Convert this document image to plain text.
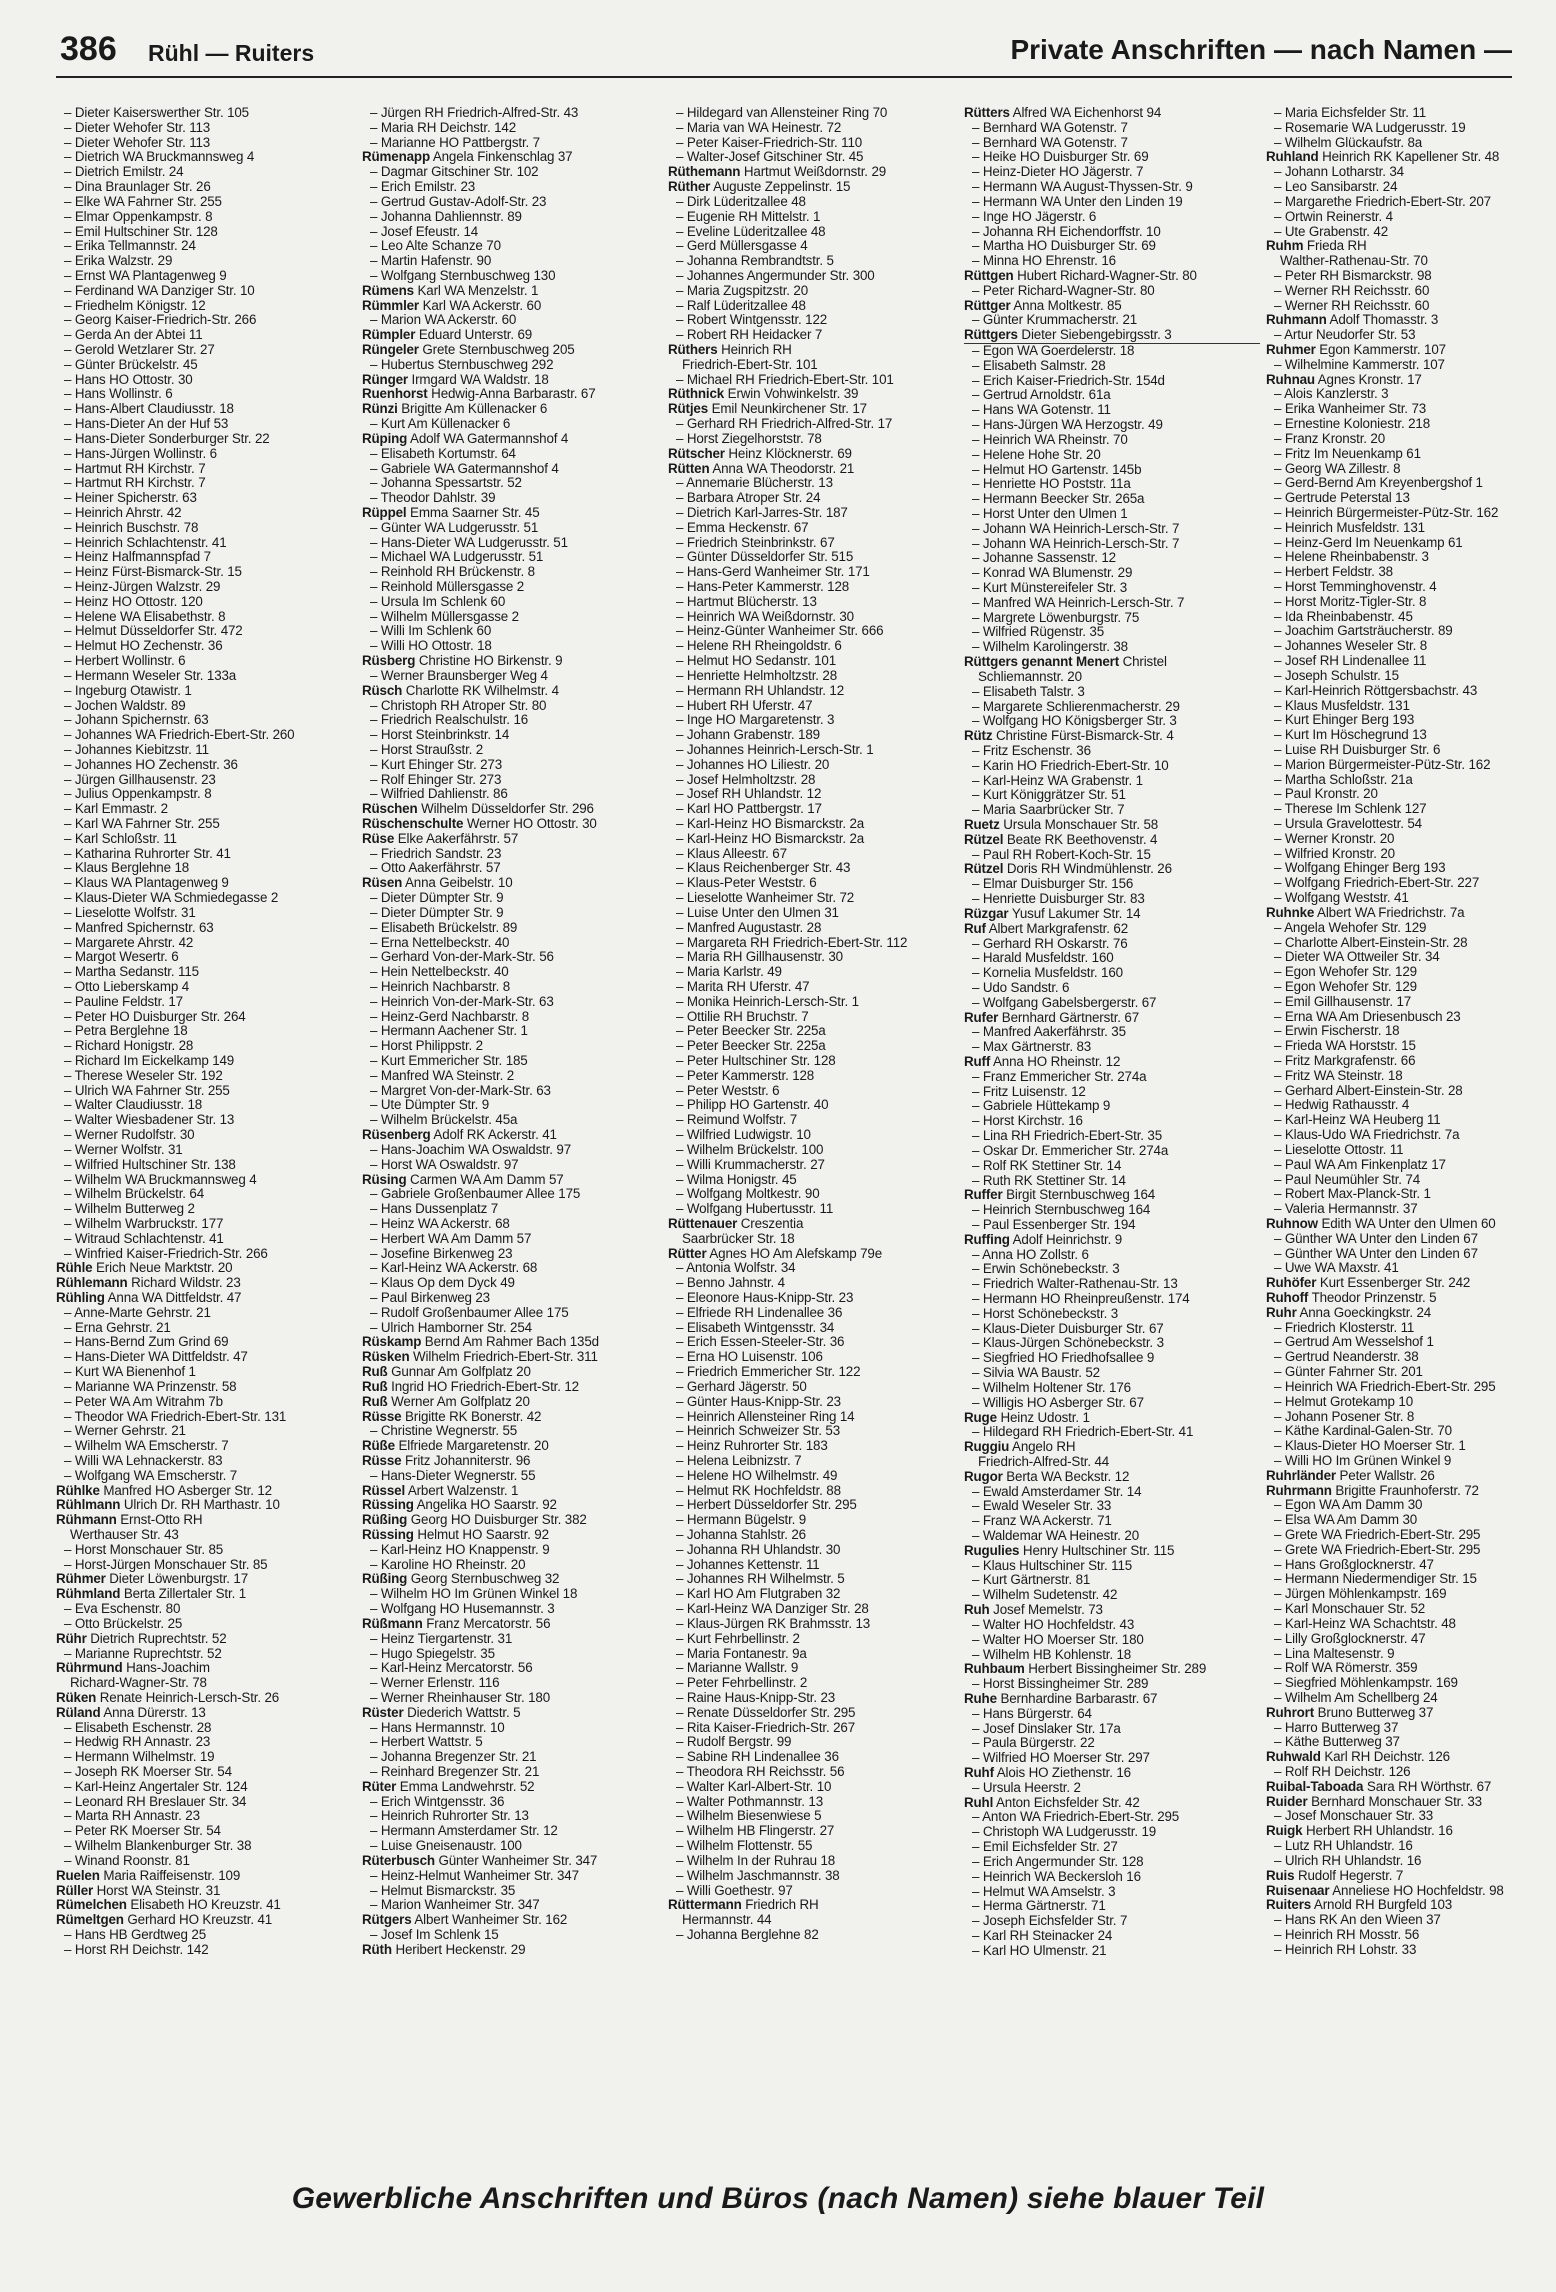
386 Rühl — Ruiters	Private Anschriften — nach Namen —
– Dieter Kaiserswerther Str. 105
– Dieter Wehofer Str. 113
– Dieter Wehofer Str. 113
– Dietrich WA Bruckmannsweg 4
– Dietrich Emilstr. 24
– Dina Braunlager Str. 26
– Elke WA Fahrner Str. 255
– Elmar Oppenkampstr. 8
– Emil Hultschiner Str. 128
– Erika Tellmannstr. 24
– Erika Walzstr. 29
– Ernst WA Plantagenweg 9
– Ferdinand WA Danziger Str. 10
– Friedhelm Königstr. 12
– Georg Kaiser-Friedrich-Str. 266
– Gerda An der Abtei 11
– Gerold Wetzlarer Str. 27
– Günter Brückelstr. 45
– Hans HO Ottostr. 30
– Hans Wollinstr. 6
– Hans-Albert Claudiusstr. 18
– Hans-Dieter An der Huf 53
– Hans-Dieter Sonderburger Str. 22
– Hans-Jürgen Wollinstr. 6
– Hartmut RH Kirchstr. 7
– Hartmut RH Kirchstr. 7
– Heiner Spicherstr. 63
– Heinrich Ahrstr. 42
– Heinrich Buschstr. 78
– Heinrich Schlachtenstr. 41
– Heinz Halfmannspfad 7
– Heinz Fürst-Bismarck-Str. 15
– Heinz-Jürgen Walzstr. 29
– Heinz HO Ottostr. 120
– Helene WA Elisabethstr. 8
– Helmut Düsseldorfer Str. 472
– Helmut HO Zechenstr. 36
– Herbert Wollinstr. 6
– Hermann Weseler Str. 133a
– Ingeburg Otawistr. 1
– Jochen Waldstr. 89
– Johann Spichernstr. 63
– Johannes WA Friedrich-Ebert-Str. 260
– Johannes Kiebitzstr. 11
– Johannes HO Zechenstr. 36
– Jürgen Gillhausenstr. 23
– Julius Oppenkampstr. 8
– Karl Emmastr. 2
– Karl WA Fahrner Str. 255
– Karl Schloßstr. 11
– Katharina Ruhrorter Str. 41
– Klaus Berglehne 18
– Klaus WA Plantagenweg 9
– Klaus-Dieter WA Schmiedegasse 2
– Lieselotte Wolfstr. 31
– Manfred Spichernstr. 63
– Margarete Ahrstr. 42
– Margot Wesertr. 6
– Martha Sedanstr. 115
– Otto Lieberskamp 4
– Pauline Feldstr. 17
– Peter HO Duisburger Str. 264
– Petra Berglehne 18
– Richard Honigstr. 28
– Richard Im Eickelkamp 149
– Therese Weseler Str. 192
– Ulrich WA Fahrner Str. 255
– Walter Claudiusstr. 18
– Walter Wiesbadener Str. 13
– Werner Rudolfstr. 30
– Werner Wolfstr. 31
– Wilfried Hultschiner Str. 138
– Wilhelm WA Bruckmannsweg 4
– Wilhelm Brückelstr. 64
– Wilhelm Butterweg 2
– Wilhelm Warbruckstr. 177
– Witraud Schlachtenstr. 41
– Winfried Kaiser-Friedrich-Str. 266
Rühle Erich Neue Marktstr. 20
Rühlemann Richard Wildstr. 23
Rühling Anna WA Dittfeldstr. 47
– Anne-Marte Gehrstr. 21
– Erna Gehrstr. 21
– Hans-Bernd Zum Grind 69
– Hans-Dieter WA Dittfeldstr. 47
– Kurt WA Bienenhof 1
– Marianne WA Prinzenstr. 58
– Peter WA Am Witrahm 7b
– Theodor WA Friedrich-Ebert-Str. 131
– Werner Gehrstr. 21
– Wilhelm WA Emscherstr. 7
– Willi WA Lehnackerstr. 83
– Wolfgang WA Emscherstr. 7
Rühlke Manfred HO Asberger Str. 12
Rühlmann Ulrich Dr. RH Marthastr. 10
Rühmann Ernst-Otto RH
Werthauser Str. 43
– Horst Monschauer Str. 85
– Horst-Jürgen Monschauer Str. 85
Rühmer Dieter Löwenburgstr. 17
Rühmland Berta Zillertaler Str. 1
– Eva Eschenstr. 80
– Otto Brückelstr. 25
Rühr Dietrich Ruprechtstr. 52
– Marianne Ruprechtstr. 52
Rührmund Hans-Joachim
Richard-Wagner-Str. 78
Rüken Renate Heinrich-Lersch-Str. 26
Rüland Anna Dürerstr. 13
– Elisabeth Eschenstr. 28
– Hedwig RH Annastr. 23
– Hermann Wilhelmstr. 19
– Joseph RK Moerser Str. 54
– Karl-Heinz Angertaler Str. 124
– Leonard RH Breslauer Str. 34
– Marta RH Annastr. 23
– Peter RK Moerser Str. 54
– Wilhelm Blankenburger Str. 38
– Winand Roonstr. 81
Ruelen Maria Raiffeisenstr. 109
Rüller Horst WA Steinstr. 31
Rümelchen Elisabeth HO Kreuzstr. 41
Rümeltgen Gerhard HO Kreuzstr. 41
– Hans HB Gerdtweg 25
– Horst RH Deichstr. 142
– Jürgen RH Friedrich-Alfred-Str. 43
– Maria RH Deichstr. 142
– Marianne HO Pattbergstr. 7
Rümenapp Angela Finkenschlag 37
– Dagmar Gitschiner Str. 102
– Erich Emilstr. 23
– Gertrud Gustav-Adolf-Str. 23
– Johanna Dahliennstr. 89
– Josef Efeustr. 14
– Leo Alte Schanze 70
– Martin Hafenstr. 90
– Wolfgang Sternbuschweg 130
Rümens Karl WA Menzelstr. 1
Rümmler Karl WA Ackerstr. 60
– Marion WA Ackerstr. 60
Rümpler Eduard Unterstr. 69
Rüngeler Grete Sternbuschweg 205
– Hubertus Sternbuschweg 292
Rünger Irmgard WA Waldstr. 18
Ruenhorst Hedwig-Anna Barbarastr. 67
Rünzi Brigitte Am Küllenacker 6
– Kurt Am Küllenacker 6
Rüping Adolf WA Gatermannshof 4
– Elisabeth Kortumstr. 64
– Gabriele WA Gatermannshof 4
– Johanna Spessartstr. 52
– Theodor Dahlstr. 39
Rüppel Emma Saarner Str. 45
– Günter WA Ludgerusstr. 51
– Hans-Dieter WA Ludgerusstr. 51
– Michael WA Ludgerusstr. 51
– Reinhold RH Brückenstr. 8
– Reinhold Müllersgasse 2
– Ursula Im Schlenk 60
– Wilhelm Müllersgasse 2
– Willi Im Schlenk 60
– Willi HO Ottostr. 18
Rüsberg Christine HO Birkenstr. 9
– Werner Braunsberger Weg 4
Rüsch Charlotte RK Wilhelmstr. 4
– Christoph RH Atroper Str. 80
– Friedrich Realschulstr. 16
– Horst Steinbrinkstr. 14
– Horst Straußstr. 2
– Kurt Ehinger Str. 273
– Rolf Ehinger Str. 273
– Wilfried Dahlienstr. 86
Rüschen Wilhelm Düsseldorfer Str. 296
Rüschenschulte Werner HO Ottostr. 30
Rüse Elke Aakerfährstr. 57
– Friedrich Sandstr. 23
– Otto Aakerfährstr. 57
Rüsen Anna Geibelstr. 10
– Dieter Dümpter Str. 9
– Dieter Dümpter Str. 9
– Elisabeth Brückelstr. 89
– Erna Nettelbeckstr. 40
– Gerhard Von-der-Mark-Str. 56
– Hein Nettelbeckstr. 40
– Heinrich Nachbarstr. 8
– Heinrich Von-der-Mark-Str. 63
– Heinz-Gerd Nachbarstr. 8
– Hermann Aachener Str. 1
– Horst Philippstr. 2
– Kurt Emmericher Str. 185
– Manfred WA Steinstr. 2
– Margret Von-der-Mark-Str. 63
– Ute Dümpter Str. 9
– Wilhelm Brückelstr. 45a
Rüsenberg Adolf RK Ackerstr. 41
– Hans-Joachim WA Oswaldstr. 97
– Horst WA Oswaldstr. 97
Rüsing Carmen WA Am Damm 57
– Gabriele Großenbaumer Allee 175
– Hans Dussenplatz 7
– Heinz WA Ackerstr. 68
– Herbert WA Am Damm 57
– Josefine Birkenweg 23
– Karl-Heinz WA Ackerstr. 68
– Klaus Op dem Dyck 49
– Paul Birkenweg 23
– Rudolf Großenbaumer Allee 175
– Ulrich Hamborner Str. 254
Rüskamp Bernd Am Rahmer Bach 135d
Rüsken Wilhelm Friedrich-Ebert-Str. 311
Ruß Gunnar Am Golfplatz 20
Ruß Ingrid HO Friedrich-Ebert-Str. 12
Ruß Werner Am Golfplatz 20
Rüsse Brigitte RK Bonerstr. 42
– Christine Wegnerstr. 55
Rüße Elfriede Margaretenstr. 20
Rüsse Fritz Johanniterstr. 96
– Hans-Dieter Wegnerstr. 55
Rüssel Arbert Walzenstr. 1
Rüssing Angelika HO Saarstr. 92
Rüßing Georg HO Duisburger Str. 382
Rüssing Helmut HO Saarstr. 92
– Karl-Heinz HO Knappenstr. 9
– Karoline HO Rheinstr. 20
Rüßing Georg Sternbuschweg 32
– Wilhelm HO Im Grünen Winkel 18
– Wolfgang HO Husemannstr. 3
Rüßmann Franz Mercatorstr. 56
– Heinz Tiergartenstr. 31
– Hugo Spiegelstr. 35
– Karl-Heinz Mercatorstr. 56
– Werner Erlenstr. 116
– Werner Rheinhauser Str. 180
Rüster Diederich Wattstr. 5
– Hans Hermannstr. 10
– Herbert Wattstr. 5
– Johanna Bregenzer Str. 21
– Reinhard Bregenzer Str. 21
Rüter Emma Landwehrstr. 52
– Erich Wintgensstr. 36
– Heinrich Ruhrorter Str. 13
– Hermann Amsterdamer Str. 12
– Luise Gneisenaustr. 100
Rüterbusch Günter Wanheimer Str. 347
– Heinz-Helmut Wanheimer Str. 347
– Helmut Bismarckstr. 35
– Marion Wanheimer Str. 347
Rütgers Albert Wanheimer Str. 162
– Josef Im Schlenk 15
Rüth Heribert Heckenstr. 29
– Hildegard van Allensteiner Ring 70
– Maria van WA Heinestr. 72
– Peter Kaiser-Friedrich-Str. 110
– Walter-Josef Gitschiner Str. 45
Rüthemann Hartmut Weißdornstr. 29
Rüther Auguste Zeppelinstr. 15
– Dirk Lüderitzallee 48
– Eugenie RH Mittelstr. 1
– Eveline Lüderitzallee 48
– Gerd Müllersgasse 4
– Johanna Rembrandtstr. 5
– Johannes Angermunder Str. 300
– Maria Zugspitzstr. 20
– Ralf Lüderitzallee 48
– Robert Wintgensstr. 122
– Robert RH Heidacker 7
Rüthers Heinrich RH
Friedrich-Ebert-Str. 101
– Michael RH Friedrich-Ebert-Str. 101
Rüthnick Erwin Vohwinkelstr. 39
Rütjes Emil Neunkirchener Str. 17
– Gerhard RH Friedrich-Alfred-Str. 17
– Horst Ziegelhorststr. 78
Rütscher Heinz Klöcknerstr. 69
Rütten Anna WA Theodorstr. 21
– Annemarie Blücherstr. 13
– Barbara Atroper Str. 24
– Dietrich Karl-Jarres-Str. 187
– Emma Heckenstr. 67
– Friedrich Steinbrinkstr. 67
– Günter Düsseldorfer Str. 515
– Hans-Gerd Wanheimer Str. 171
– Hans-Peter Kammerstr. 128
– Hartmut Blücherstr. 13
– Heinrich WA Weißdornstr. 30
– Heinz-Günter Wanheimer Str. 666
– Helene RH Rheingoldstr. 6
– Helmut HO Sedanstr. 101
– Henriette Helmholtzstr. 28
– Hermann RH Uhlandstr. 12
– Hubert RH Uferstr. 47
– Inge HO Margaretenstr. 3
– Johann Grabenstr. 189
– Johannes Heinrich-Lersch-Str. 1
– Johannes HO Liliestr. 20
– Josef Helmholtzstr. 28
– Josef RH Uhlandstr. 12
– Karl HO Pattbergstr. 17
– Karl-Heinz HO Bismarckstr. 2a
– Karl-Heinz HO Bismarckstr. 2a
– Klaus Alleestr. 67
– Klaus Reichenberger Str. 43
– Klaus-Peter Weststr. 6
– Lieselotte Wanheimer Str. 72
– Luise Unter den Ulmen 31
– Manfred Augustastr. 28
– Margareta RH Friedrich-Ebert-Str. 112
– Maria RH Gillhausenstr. 30
– Maria Karlstr. 49
– Marita RH Uferstr. 47
– Monika Heinrich-Lersch-Str. 1
– Ottilie RH Bruchstr. 7
– Peter Beecker Str. 225a
– Peter Beecker Str. 225a
– Peter Hultschiner Str. 128
– Peter Kammerstr. 128
– Peter Weststr. 6
– Philipp HO Gartenstr. 40
– Reimund Wolfstr. 7
– Wilfried Ludwigstr. 10
– Wilhelm Brückelstr. 100
– Willi Krummacherstr. 27
– Wilma Honigstr. 45
– Wolfgang Moltkestr. 90
– Wolfgang Hubertusstr. 11
Rüttenauer Creszentia
Saarbrücker Str. 18
Rütter Agnes HO Am Alefskamp 79e
– Antonia Wolfstr. 34
– Benno Jahnstr. 4
– Eleonore Haus-Knipp-Str. 23
– Elfriede RH Lindenallee 36
– Elisabeth Wintgensstr. 34
– Erich Essen-Steeler-Str. 36
– Erna HO Luisenstr. 106
– Friedrich Emmericher Str. 122
– Gerhard Jägerstr. 50
– Günter Haus-Knipp-Str. 23
– Heinrich Allensteiner Ring 14
– Heinrich Schweizer Str. 53
– Heinz Ruhrorter Str. 183
– Helena Leibnizstr. 7
– Helene HO Wilhelmstr. 49
– Helmut RK Hochfeldstr. 88
– Herbert Düsseldorfer Str. 295
– Hermann Bügelstr. 9
– Johanna Stahlstr. 26
– Johanna RH Uhlandstr. 30
– Johannes Kettenstr. 11
– Johannes RH Wilhelmstr. 5
– Karl HO Am Flutgraben 32
– Karl-Heinz WA Danziger Str. 28
– Klaus-Jürgen RK Brahmsstr. 13
– Kurt Fehrbellinstr. 2
– Maria Fontanestr. 9a
– Marianne Wallstr. 9
– Peter Fehrbellinstr. 2
– Raine Haus-Knipp-Str. 23
– Renate Düsseldorfer Str. 295
– Rita Kaiser-Friedrich-Str. 267
– Rudolf Bergstr. 99
– Sabine RH Lindenallee 36
– Theodora RH Reichsstr. 56
– Walter Karl-Albert-Str. 10
– Walter Pothmannstr. 13
– Wilhelm Biesenwiese 5
– Wilhelm HB Flingerstr. 27
– Wilhelm Flottenstr. 55
– Wilhelm In der Ruhrau 18
– Wilhelm Jaschmannstr. 38
– Willi Goethestr. 97
Rüttermann Friedrich RH
Hermannstr. 44
– Johanna Berglehne 82
Rütters Alfred WA Eichenhorst 94
– Bernhard WA Gotenstr. 7
– Bernhard WA Gotenstr. 7
– Heike HO Duisburger Str. 69
– Heinz-Dieter HO Jägerstr. 7
– Hermann WA August-Thyssen-Str. 9
– Hermann WA Unter den Linden 19
– Inge HO Jägerstr. 6
– Johanna RH Eichendorffstr. 10
– Martha HO Duisburger Str. 69
– Minna HO Ehrenstr. 16
Rüttgen Hubert Richard-Wagner-Str. 80
– Peter Richard-Wagner-Str. 80
Rüttger Anna Moltkestr. 85
– Günter Krummacherstr. 21
Rüttgers Dieter Siebengebirgsstr. 3
– Egon WA Goerdelerstr. 18
– Elisabeth Salmstr. 28
– Erich Kaiser-Friedrich-Str. 154d
– Gertrud Arnoldstr. 61a
– Hans WA Gotenstr. 11
– Hans-Jürgen WA Herzogstr. 49
– Heinrich WA Rheinstr. 70
– Helene Hohe Str. 20
– Helmut HO Gartenstr. 145b
– Henriette HO Poststr. 11a
– Hermann Beecker Str. 265a
– Horst Unter den Ulmen 1
– Johann WA Heinrich-Lersch-Str. 7
– Johann WA Heinrich-Lersch-Str. 7
– Johanne Sassenstr. 12
– Konrad WA Blumenstr. 29
– Kurt Münstereifeler Str. 3
– Manfred WA Heinrich-Lersch-Str. 7
– Margrete Löwenburgstr. 75
– Wilfried Rügenstr. 35
– Wilhelm Karolingerstr. 38
Rüttgers genannt Menert Christel
Schliemannstr. 20
– Elisabeth Talstr. 3
– Margarete Schlierenmacherstr. 29
– Wolfgang HO Königsberger Str. 3
Rütz Christine Fürst-Bismarck-Str. 4
– Fritz Eschenstr. 36
– Karin HO Friedrich-Ebert-Str. 10
– Karl-Heinz WA Grabenstr. 1
– Kurt Königgrätzer Str. 51
– Maria Saarbrücker Str. 7
Ruetz Ursula Monschauer Str. 58
Rützel Beate RK Beethovenstr. 4
– Paul RH Robert-Koch-Str. 15
Rützel Doris RH Windmühlenstr. 26
– Elmar Duisburger Str. 156
– Henriette Duisburger Str. 83
Rüzgar Yusuf Lakumer Str. 14
Ruf Albert Markgrafenstr. 62
– Gerhard RH Oskarstr. 76
– Harald Musfeldstr. 160
– Kornelia Musfeldstr. 160
– Udo Sandstr. 6
– Wolfgang Gabelsbergerstr. 67
Rufer Bernhard Gärtnerstr. 67
– Manfred Aakerfährstr. 35
– Max Gärtnerstr. 83
Ruff Anna HO Rheinstr. 12
– Franz Emmericher Str. 274a
– Fritz Luisenstr. 12
– Gabriele Hüttekamp 9
– Horst Kirchstr. 16
– Lina RH Friedrich-Ebert-Str. 35
– Oskar Dr. Emmericher Str. 274a
– Rolf RK Stettiner Str. 14
– Ruth RK Stettiner Str. 14
Ruffer Birgit Sternbuschweg 164
– Heinrich Sternbuschweg 164
– Paul Essenberger Str. 194
Ruffing Adolf Heinrichstr. 9
– Anna HO Zollstr. 6
– Erwin Schönebeckstr. 3
– Friedrich Walter-Rathenau-Str. 13
– Hermann HO Rheinpreußenstr. 174
– Horst Schönebeckstr. 3
– Klaus-Dieter Duisburger Str. 67
– Klaus-Jürgen Schönebeckstr. 3
– Siegfried HO Friedhofsallee 9
– Silvia WA Baustr. 52
– Wilhelm Holtener Str. 176
– Willigis HO Asberger Str. 67
Ruge Heinz Udostr. 1
– Hildegard RH Friedrich-Ebert-Str. 41
Ruggiu Angelo RH
Friedrich-Alfred-Str. 44
Rugor Berta WA Beckstr. 12
– Ewald Amsterdamer Str. 14
– Ewald Weseler Str. 33
– Franz WA Ackerstr. 71
– Waldemar WA Heinestr. 20
Rugulies Henry Hultschiner Str. 115
– Klaus Hultschiner Str. 115
– Kurt Gärtnerstr. 81
– Wilhelm Sudetenstr. 42
Ruh Josef Memelstr. 73
– Walter HO Hochfeldstr. 43
– Walter HO Moerser Str. 180
– Wilhelm HB Kohlenstr. 18
Ruhbaum Herbert Bissingheimer Str. 289
– Horst Bissingheimer Str. 289
Ruhe Bernhardine Barbarastr. 67
– Hans Bürgerstr. 64
– Josef Dinslaker Str. 17a
– Paula Bürgerstr. 22
– Wilfried HO Moerser Str. 297
Ruhf Alois HO Ziethenstr. 16
– Ursula Heerstr. 2
Ruhl Anton Eichsfelder Str. 42
– Anton WA Friedrich-Ebert-Str. 295
– Christoph WA Ludgerusstr. 19
– Emil Eichsfelder Str. 27
– Erich Angermunder Str. 128
– Heinrich WA Beckersloh 16
– Helmut WA Amselstr. 3
– Herma Gärtnerstr. 71
– Joseph Eichsfelder Str. 7
– Karl RH Steinacker 24
– Karl HO Ulmenstr. 21
– Maria Eichsfelder Str. 11
– Rosemarie WA Ludgerusstr. 19
– Wilhelm Glückaufstr. 8a
Ruhland Heinrich RK Kapellener Str. 48
– Johann Lotharstr. 34
– Leo Sansibarstr. 24
– Margarethe Friedrich-Ebert-Str. 207
– Ortwin Reinerstr. 4
– Ute Grabenstr. 42
Ruhm Frieda RH
Walther-Rathenau-Str. 70
– Peter RH Bismarckstr. 98
– Werner RH Reichsstr. 60
– Werner RH Reichsstr. 60
Ruhmann Adolf Thomasstr. 3
– Artur Neudorfer Str. 53
Ruhmer Egon Kammerstr. 107
– Wilhelmine Kammerstr. 107
Ruhnau Agnes Kronstr. 17
– Alois Kanzlerstr. 3
– Erika Wanheimer Str. 73
– Ernestine Koloniestr. 218
– Franz Kronstr. 20
– Fritz Im Neuenkamp 61
– Georg WA Zillestr. 8
– Gerd-Bernd Am Kreyenbergshof 1
– Gertrude Peterstal 13
– Heinrich Bürgermeister-Pütz-Str. 162
– Heinrich Musfeldstr. 131
– Heinz-Gerd Im Neuenkamp 61
– Helene Rheinbabenstr. 3
– Herbert Feldstr. 38
– Horst Temminghovenstr. 4
– Horst Moritz-Tigler-Str. 8
– Ida Rheinbabenstr. 45
– Joachim Gartsträucherstr. 89
– Johannes Weseler Str. 8
– Josef RH Lindenallee 11
– Joseph Schulstr. 15
– Karl-Heinrich Röttgersbachstr. 43
– Klaus Musfeldstr. 131
– Kurt Ehinger Berg 193
– Kurt Im Höschegrund 13
– Luise RH Duisburger Str. 6
– Marion Bürgermeister-Pütz-Str. 162
– Martha Schloßstr. 21a
– Paul Kronstr. 20
– Therese Im Schlenk 127
– Ursula Gravelottestr. 54
– Werner Kronstr. 20
– Wilfried Kronstr. 20
– Wolfgang Ehinger Berg 193
– Wolfgang Friedrich-Ebert-Str. 227
– Wolfgang Weststr. 41
Ruhnke Albert WA Friedrichstr. 7a
– Angela Wehofer Str. 129
– Charlotte Albert-Einstein-Str. 28
– Dieter WA Ottweiler Str. 34
– Egon Wehofer Str. 129
– Egon Wehofer Str. 129
– Emil Gillhausenstr. 17
– Erna WA Am Driesenbusch 23
– Erwin Fischerstr. 18
– Frieda WA Horststr. 15
– Fritz Markgrafenstr. 66
– Fritz WA Steinstr. 18
– Gerhard Albert-Einstein-Str. 28
– Hedwig Rathausstr. 4
– Karl-Heinz WA Heuberg 11
– Klaus-Udo WA Friedrichstr. 7a
– Lieselotte Ottostr. 11
– Paul WA Am Finkenplatz 17
– Paul Neumühler Str. 74
– Robert Max-Planck-Str. 1
– Valeria Hermannstr. 37
Ruhnow Edith WA Unter den Ulmen 60
– Günther WA Unter den Linden 67
– Günther WA Unter den Linden 67
– Uwe WA Maxstr. 41
Ruhöfer Kurt Essenberger Str. 242
Ruhoff Theodor Prinzenstr. 5
Ruhr Anna Goeckingkstr. 24
– Friedrich Klosterstr. 11
– Gertrud Am Wesselshof 1
– Gertrud Neanderstr. 38
– Günter Fahrner Str. 201
– Heinrich WA Friedrich-Ebert-Str. 295
– Helmut Grotekamp 10
– Johann Posener Str. 8
– Käthe Kardinal-Galen-Str. 70
– Klaus-Dieter HO Moerser Str. 1
– Willi HO Im Grünen Winkel 9
Ruhrländer Peter Wallstr. 26
Ruhrmann Brigitte Fraunhoferstr. 72
– Egon WA Am Damm 30
– Elsa WA Am Damm 30
– Grete WA Friedrich-Ebert-Str. 295
– Grete WA Friedrich-Ebert-Str. 295
– Hans Großglocknerstr. 47
– Hermann Niedermendiger Str. 15
– Jürgen Möhlenkampstr. 169
– Karl Monschauer Str. 52
– Karl-Heinz WA Schachtstr. 48
– Lilly Großglocknerstr. 47
– Lina Maltesenstr. 9
– Rolf WA Römerstr. 359
– Siegfried Möhlenkampstr. 169
– Wilhelm Am Schellberg 24
Ruhrort Bruno Butterweg 37
– Harro Butterweg 37
– Käthe Butterweg 37
Ruhwald Karl RH Deichstr. 126
– Rolf RH Deichstr. 126
Ruibal-Taboada Sara RH Wörthstr. 67
Ruider Bernhard Monschauer Str. 33
– Josef Monschauer Str. 33
Ruigk Herbert RH Uhlandstr. 16
– Lutz RH Uhlandstr. 16
– Ulrich RH Uhlandstr. 16
Ruis Rudolf Hegerstr. 7
Ruisenaar Anneliese HO Hochfeldstr. 98
Ruiters Arnold RH Burgfeld 103
– Hans RK An den Wieen 37
– Heinrich RH Mosstr. 56
– Heinrich RH Lohstr. 33
Gewerbliche Anschriften und Büros (nach Namen) siehe blauer Teil
